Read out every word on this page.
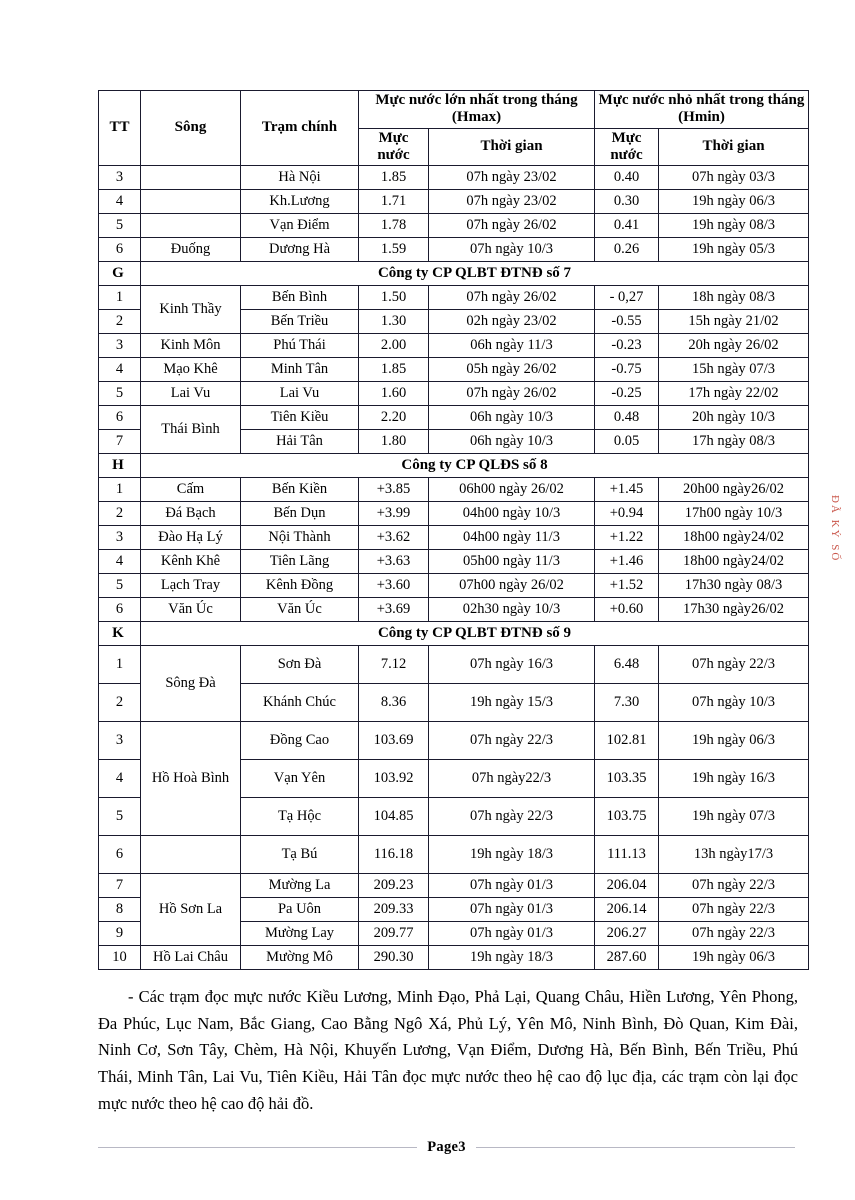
TT	Sông	Trạm chính	Mực nước lớn nhất trong tháng (Hmax)		Mực nước nhỏ nhất trong tháng (Hmin)	
			Mực nước	Thời gian	Mực nước	Thời gian
3		Hà Nội	1.85	07h ngày 23/02	0.40	07h ngày 03/3
4		Kh.Lương	1.71	07h ngày 23/02	0.30	19h ngày 06/3
5		Vạn Điểm	1.78	07h ngày 26/02	0.41	19h ngày 08/3
6	Đuống	Dương Hà	1.59	07h ngày 10/3	0.26	19h ngày 05/3
G	Công ty CP QLBT ĐTNĐ số 7					
1	Kinh Thầy	Bến Bình	1.50	07h ngày 26/02	- 0,27	18h ngày 08/3
2		Bến Triều	1.30	02h ngày 23/02	-0.55	15h ngày 21/02
3	Kinh Môn	Phú Thái	2.00	06h ngày 11/3	-0.23	20h ngày 26/02
4	Mạo Khê	Minh Tân	1.85	05h ngày 26/02	-0.75	15h ngày 07/3
5	Lai Vu	Lai Vu	1.60	07h ngày 26/02	-0.25	17h ngày 22/02
6	Thái Bình	Tiên Kiều	2.20	06h ngày 10/3	0.48	20h ngày 10/3
7		Hải Tân	1.80	06h ngày 10/3	0.05	17h ngày 08/3
H	Công ty CP QLĐS số 8					
1	Cấm	Bến Kiền	+3.85	06h00 ngày 26/02	+1.45	20h00 ngày26/02
2	Đá Bạch	Bến Dụn	+3.99	04h00 ngày 10/3	+0.94	17h00 ngày 10/3
3	Đào Hạ Lý	Nội Thành	+3.62	04h00 ngày 11/3	+1.22	18h00 ngày24/02
4	Kênh Khê	Tiên Lãng	+3.63	05h00 ngày 11/3	+1.46	18h00 ngày24/02
5	Lạch Tray	Kênh Đồng	+3.60	07h00 ngày 26/02	+1.52	17h30 ngày 08/3
6	Văn Úc	Văn Úc	+3.69	02h30 ngày 10/3	+0.60	17h30 ngày26/02
K	Công ty CP QLBT ĐTNĐ số 9					
1	Sông Đà	Sơn Đà	7.12	07h ngày 16/3	6.48	07h ngày 22/3
2		Khánh Chúc	8.36	19h ngày 15/3	7.30	07h ngày 10/3
3	Hồ Hoà Bình	Đồng Cao	103.69	07h ngày 22/3	102.81	19h ngày 06/3
4		Vạn Yên	103.92	07h ngày22/3	103.35	19h ngày 16/3
5		Tạ Hộc	104.85	07h ngày 22/3	103.75	19h ngày 07/3
6		Tạ Bú	116.18	19h ngày 18/3	111.13	13h ngày17/3
7	Hồ Sơn La	Mường La	209.23	07h ngày 01/3	206.04	07h ngày 22/3
8		Pa Uôn	209.33	07h ngày 01/3	206.14	07h ngày 22/3
9		Mường Lay	209.77	07h ngày 01/3	206.27	07h ngày 22/3
10	Hồ Lai Châu	Mường Mô	290.30	19h ngày 18/3	287.60	19h ngày 06/3

- Các trạm đọc mực nước Kiều Lương, Minh Đạo, Phả Lại, Quang Châu, Hiền Lương, Yên Phong, Đa Phúc, Lục Nam, Bắc Giang, Cao Bằng Ngô Xá, Phủ Lý, Yên Mô, Ninh Bình, Đò Quan, Kim Đài, Ninh Cơ, Sơn Tây, Chèm, Hà Nội, Khuyến Lương, Vạn Điểm, Dương Hà, Bến Bình, Bến Triều, Phú Thái, Minh Tân, Lai Vu, Tiên Kiều, Hải Tân đọc mực nước theo hệ cao độ lục địa, các trạm còn lại đọc mực nước theo hệ cao độ hải đồ.

Page3
ĐÃ KÝ SỐ
